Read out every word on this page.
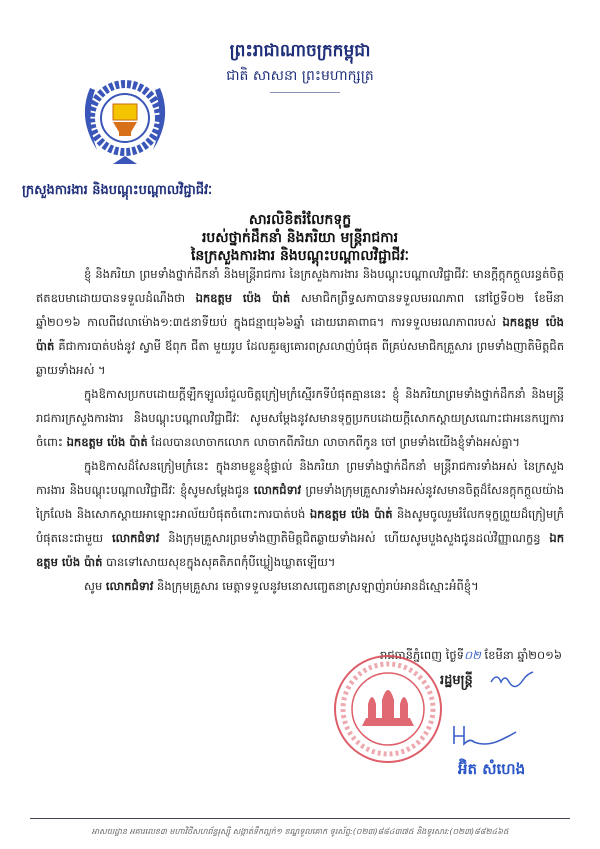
ព្រះរាជាណាចក្រកម្ពុជា
ជាតិ សាសនា ព្រះមហាក្សត្រ
ក្រសួងការងារ និងបណ្តុះបណ្តាលវិជ្ជាជីវៈ
សារលិខិតរំលែកទុក្ខ
របស់ថ្នាក់ដឹកនាំ និងភរិយា មន្ត្រីរាជការ
នៃក្រសួងការងារ និងបណ្តុះបណ្តាលវិជ្ជាជីវៈ

ខ្ញុំ និងភរិយា ព្រមទាំងថ្នាក់ដឹកនាំ និងមន្ត្រីរាជការ នៃក្រសួងការងារ និងបណ្តុះបណ្តាលវិជ្ជាជីវៈ មានក្តីក្តុកក្តួលរន្ធត់ចិត្តឥតឧបមាដោយបានទទួលដំណឹងថា ឯកឧត្តម ប៉េង ប៉ាត់ សមាជិកព្រឹទ្ធសភាបានទទួលមរណភាព នៅថ្ងៃទី០២ ខែមីនា ឆ្នាំ២០១៦ កាលពីវេលាម៉ោង១:៣៥នាទីយប់ ក្នុងជន្មាយុ៦៦ឆ្នាំ ដោយរោគាពាធ។ ការទទួលមរណភាពរបស់ ឯកឧត្តម ប៉េង ប៉ាត់ គឺជាការបាត់បង់នូវ ស្វាមី ឪពុក ជីតា មួយរូប ដែលគួរឲ្យគោរពស្រលាញ់បំផុត ពីគ្រប់សមាជិកគ្រួសារ ព្រមទាំងញាតិមិត្តជិតឆ្ងាយទាំងអស់ ។

ក្នុងឱកាសប្រកបដោយក្តីឡឺកឡូលរំជួលចិត្តក្រៀមក្រំស្មើរកទីបំផុតគ្មាននេះ ខ្ញុំ និងភរិយាព្រមទាំងថ្នាក់ដឹកនាំ និងមន្ត្រីរាជការក្រសួងការងារ និងបណ្តុះបណ្តាលវិជ្ជាជីវៈ សូមសម្តែងនូវសមានទុក្ខប្រកបដោយក្តីសោកស្តាយស្រណោះជាអនេកប្បការ ចំពោះ ឯកឧត្តម ប៉េង ប៉ាត់ ដែលបានលាចាកលោក លាចាកពីភរិយា លាចាកពីកូន ចៅ ព្រមទាំងយើងខ្ញុំទាំងអស់គ្នា។

ក្នុងឱកាសដ៏សែនក្រៀមក្រំនេះ ក្នុងនាមខ្លួនខ្ញុំផ្ទាល់ និងភរិយា ព្រមទាំងថ្នាក់ដឹកនាំ មន្ត្រីរាជការទាំងអស់ នៃក្រសួងការងារ និងបណ្តុះបណ្តាលវិជ្ជាជីវៈ ខ្ញុំសូមសម្តែងជូន លោកជំទាវ ព្រមទាំងក្រុមគ្រួសារទាំងអស់នូវសមានចិត្តដ៏សែនក្តុកក្តួលយ៉ាងក្រៃលែង និងសោកស្តាយអាឡោះអាល័យបំផុតចំពោះការបាត់បង់ ឯកឧត្តម ប៉េង ប៉ាត់ និងសូមចូលរួមរំលែកទុក្ខព្រួយដ៏ក្រៀមក្រំបំផុតនេះជាមួយ លោកជំទាវ និងក្រុមគ្រួសារព្រមទាំងញាតិមិត្តជិតឆ្ងាយទាំងអស់ ហើយសូមបួងសួងជូនដល់វិញ្ញាណក្ខន្ធ ឯកឧត្តម ប៉េង ប៉ាត់ បានទៅសោយសុខក្នុងសុគតិភពកុំបីឃ្លៀងឃ្លាតឡើយ។

សូម លោកជំទាវ និងក្រុមគ្រួសារ មេត្តាទទួលនូវមនោសញ្ចេតនាស្រឡាញ់រាប់អានដ៏ស្មោះអំពីខ្ញុំ។

រាជធានីភ្នំពេញ ថ្ងៃទី០២ ខែមីនា ឆ្នាំ២០១៦
រដ្ឋមន្ត្រី
អ៊ិត សំហេង
អាសយដ្ឋាន អគារលេខ៣ មហាវិថីសហព័ន្ធរុស្ស៊ី សង្កាត់ទឹកល្អក់១ ខណ្ឌទួលគោក ទូរស័ព្ទ:(០២៣)៨៨៤៣៧៥ និងទូរសារ:(០២៣)៨៨២៤៦៥
